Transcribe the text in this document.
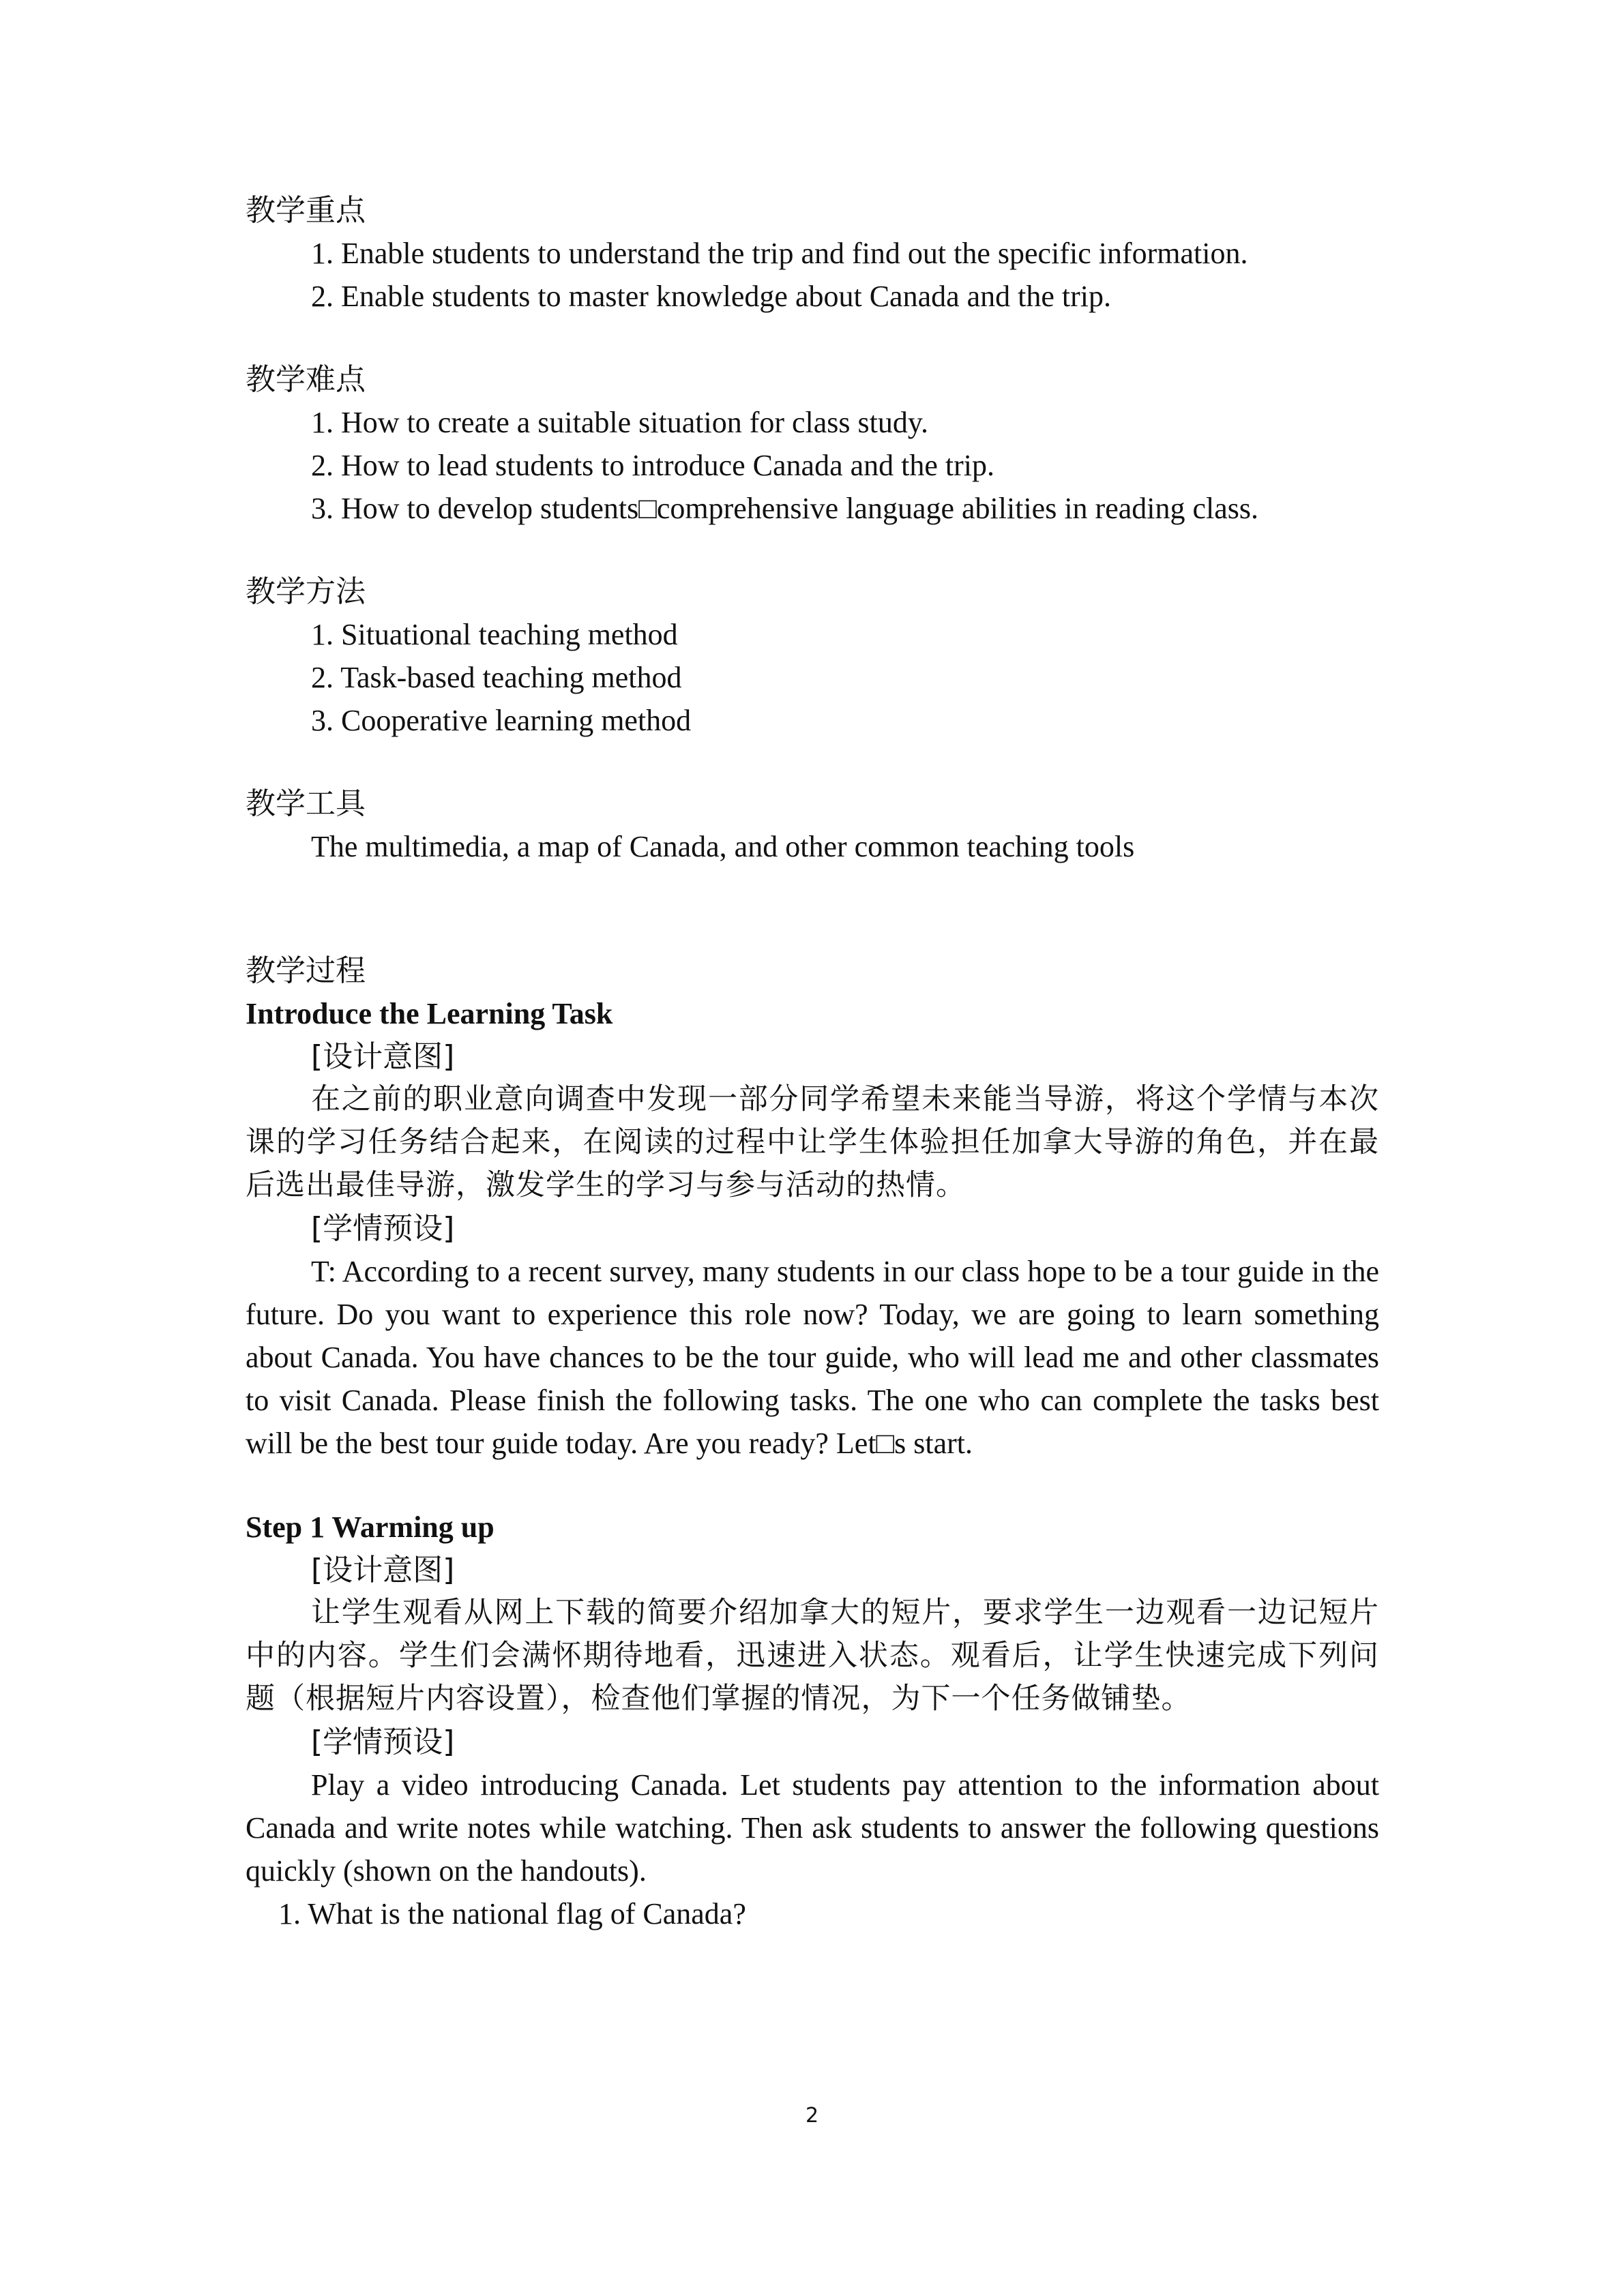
教学重点

1. Enable students to understand the trip and find out the specific information.

2. Enable students to master knowledge about Canada and the trip.

教学难点

1. How to create a suitable situation for class study.

2. How to lead students to introduce Canada and the trip.

3. How to develop students□comprehensive language abilities in reading class.

教学方法

1. Situational teaching method

2. Task-based teaching method

3. Cooperative learning method

教学工具

The multimedia, a map of Canada, and other common teaching tools

教学过程

Introduce the Learning Task

[设计意图]

在之前的职业意向调查中发现一部分同学希望未来能当导游，将这个学情与本次课的学习任务结合起来，在阅读的过程中让学生体验担任加拿大导游的角色，并在最后选出最佳导游，激发学生的学习与参与活动的热情。

[学情预设]

T: According to a recent survey, many students in our class hope to be a tour guide in the future. Do you want to experience this role now? Today, we are going to learn something about Canada. You have chances to be the tour guide, who will lead me and other classmates to visit Canada. Please finish the following tasks. The one who can complete the tasks best will be the best tour guide today. Are you ready? Let□s start.

Step 1 Warming up

[设计意图]

让学生观看从网上下载的简要介绍加拿大的短片，要求学生一边观看一边记短片中的内容。学生们会满怀期待地看，迅速进入状态。观看后，让学生快速完成下列问题（根据短片内容设置），检查他们掌握的情况，为下一个任务做铺垫。

[学情预设]

Play a video introducing Canada. Let students pay attention to the information about Canada and write notes while watching. Then ask students to answer the following questions quickly (shown on the handouts).

1. What is the national flag of Canada?

2
